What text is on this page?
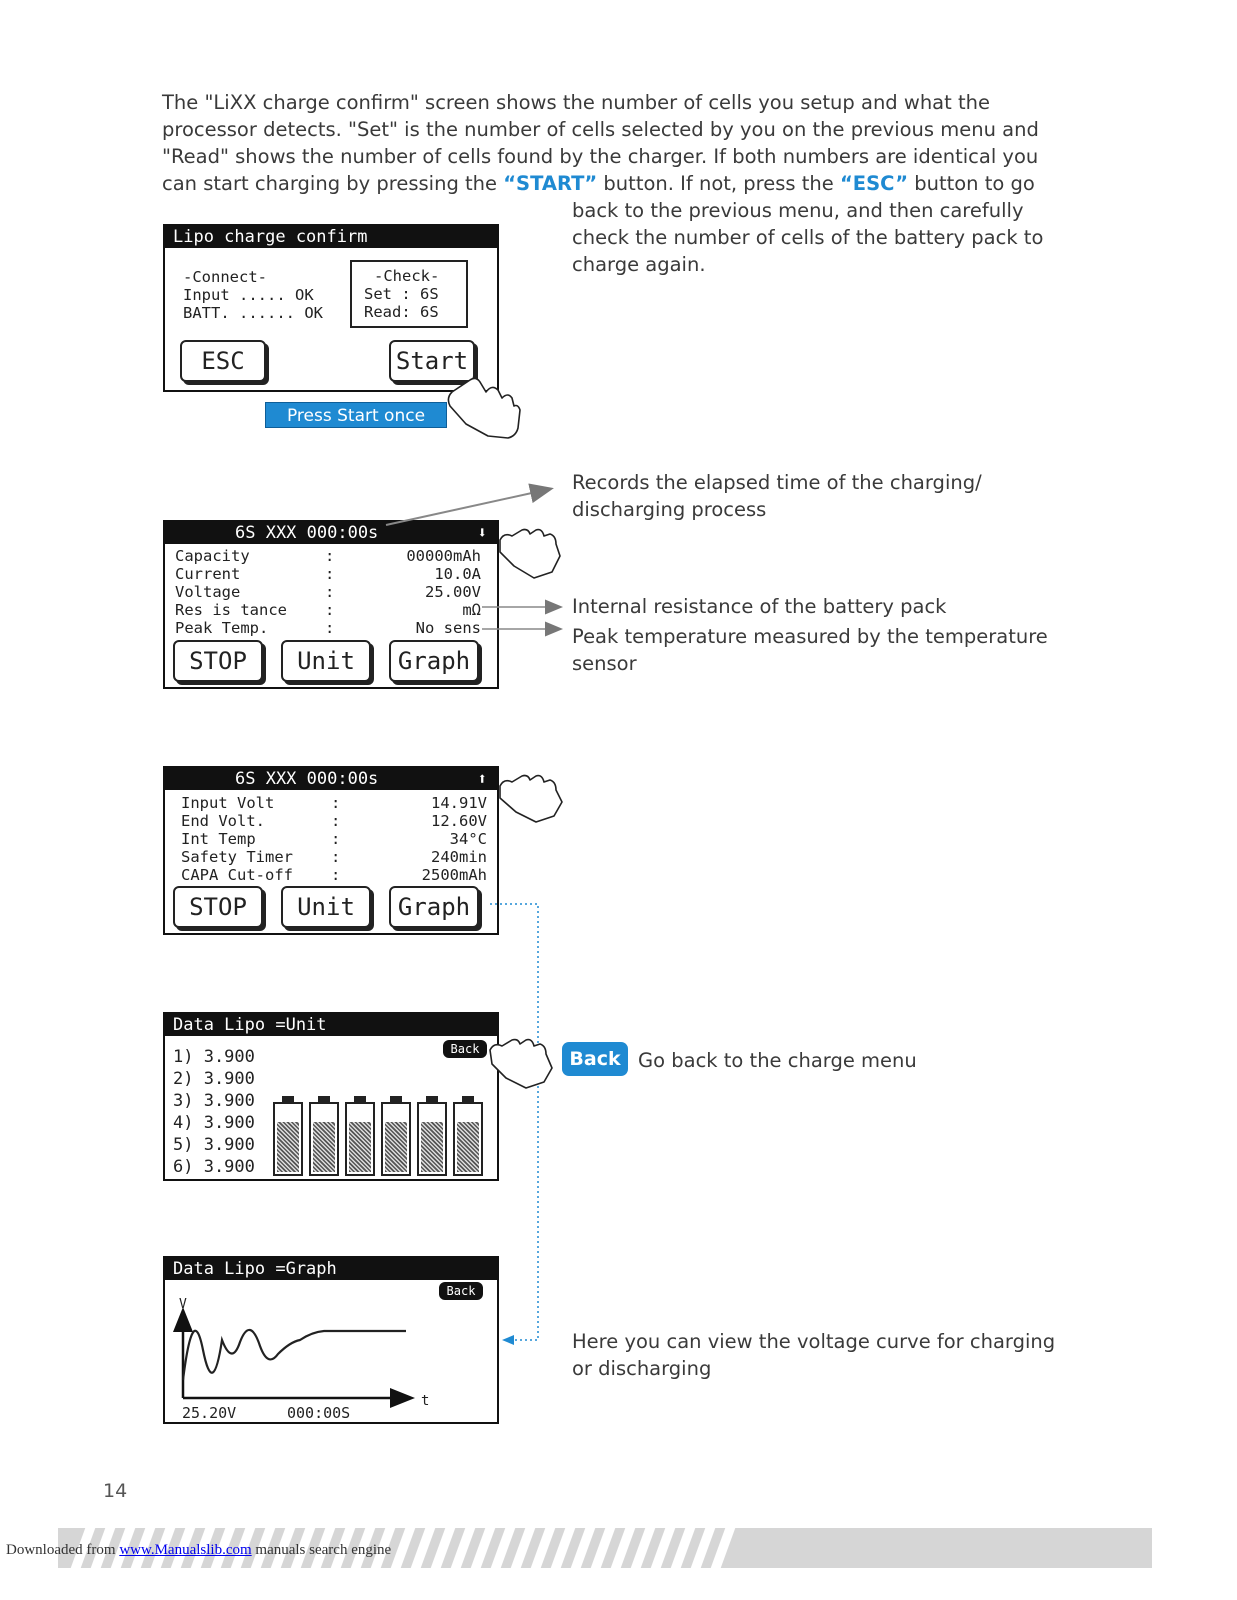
The "LiXX charge confirm" screen shows the number of cells you setup and what the
processor detects. "Set" is the number of cells selected by you on the previous menu and
"Read" shows the number of cells found by the charger. If both numbers are identical you
can start charging by pressing the “START” button. If not, press the “ESC” button to go
back to the previous menu, and then carefully
check the number of cells of the battery pack to
charge again.
Lipo charge confirm
-Connect-
Input ..... OK
BATT. ...... OK
-Check-
Set : 6S
Read: 6S
ESC	Start
Press Start once
6S XXX 000:00s	⬇
Capacity	:	00000mAh
Current	:	10.0A
Voltage	:	25.00V
Res is tance :	mΩ
Peak Temp.	:	No sens
STOP	Unit	Graph
Records the elapsed time of the charging/
discharging process
Internal resistance of the battery pack
Peak temperature measured by the temperature
sensor
6S XXX 000:00s	⬆
Input Volt	:	14.91V
End Volt.	:	12.60V
Int Temp	:	34°C
Safety Timer :	240min
CAPA Cut-off :	2500mAh
STOP	Unit	Graph
Data Lipo =Unit
Back
1) 3.900
2) 3.900
3) 3.900
4) 3.900
5) 3.900
6) 3.900
Back Go back to the charge menu
Data Lipo =Graph
Back
V
t
25.20V	000:00S
Here you can view the voltage curve for charging
or discharging
14
Downloaded from www.Manualslib.com manuals search engine
